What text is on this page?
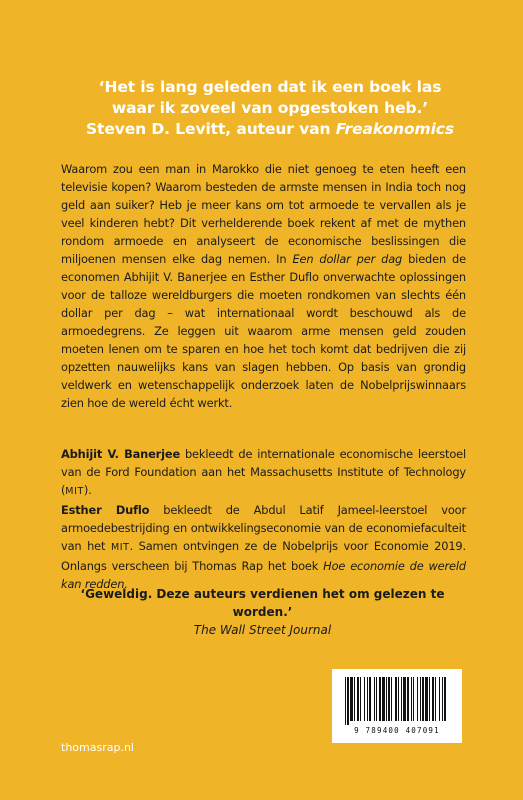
‘Het is lang geleden dat ik een boek las
waar ik zoveel van opgestoken heb.’
Steven D. Levitt, auteur van Freakonomics
Waarom zou een man in Marokko die niet genoeg te eten heeft een televisie kopen? Waarom besteden de armste mensen in India toch nog geld aan suiker? Heb je meer kans om tot armoede te vervallen als je veel kinderen hebt? Dit verhelderende boek rekent af met de mythen rondom armoede en analyseert de economische beslissingen die miljoenen mensen elke dag nemen. In Een dollar per dag bieden de economen Abhijit V. Banerjee en Esther Duflo onverwachte oplossingen voor de talloze wereldburgers die moeten rondkomen van slechts één dollar per dag – wat internationaal wordt beschouwd als de armoedegrens. Ze leggen uit waarom arme mensen geld zouden moeten lenen om te sparen en hoe het toch komt dat bedrijven die zij opzetten nauwelijks kans van slagen hebben. Op basis van grondig veldwerk en wetenschappelijk onderzoek laten de Nobelprijswinnaars zien hoe de wereld écht werkt.
Abhijit V. Banerjee bekleedt de internationale economische leerstoel van de Ford Foundation aan het Massachusetts Institute of Technology (MIT).
Esther Duflo bekleedt de Abdul Latif Jameel-leerstoel voor armoedebestrijding en ontwikkelingseconomie van de economiefaculteit van het MIT. Samen ontvingen ze de Nobelprijs voor Economie 2019. Onlangs verscheen bij Thomas Rap het boek Hoe economie de wereld kan redden.
‘Geweldig. Deze auteurs verdienen het om gelezen te worden.’
The Wall Street Journal
thomasrap.nl
9 789400 407091
